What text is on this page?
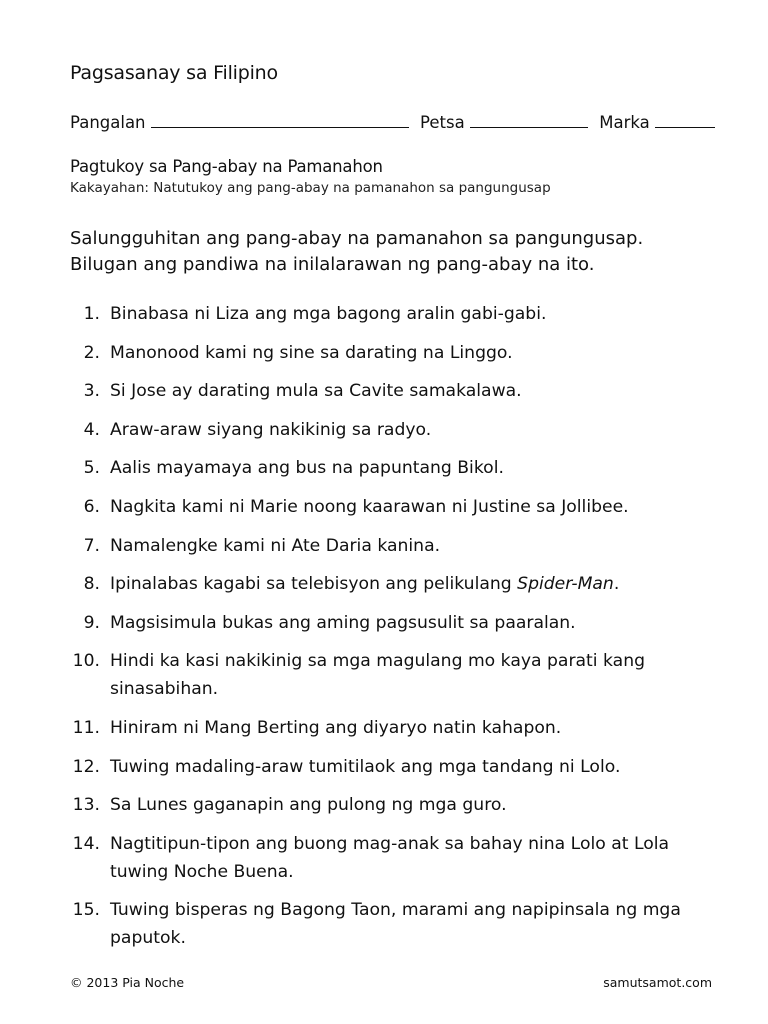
Pagsasanay sa Filipino
Pangalan	Petsa	Marka
Pagtukoy sa Pang-abay na Pamanahon
Kakayahan: Natutukoy ang pang-abay na pamanahon sa pangungusap
Salungguhitan ang pang-abay na pamanahon sa pangungusap.
Bilugan ang pandiwa na inilalarawan ng pang-abay na ito.
1. Binabasa ni Liza ang mga bagong aralin gabi-gabi.
2. Manonood kami ng sine sa darating na Linggo.
3. Si Jose ay darating mula sa Cavite samakalawa.
4. Araw-araw siyang nakikinig sa radyo.
5. Aalis mayamaya ang bus na papuntang Bikol.
6. Nagkita kami ni Marie noong kaarawan ni Justine sa Jollibee.
7. Namalengke kami ni Ate Daria kanina.
8. Ipinalabas kagabi sa telebisyon ang pelikulang Spider-Man.
9. Magsisimula bukas ang aming pagsusulit sa paaralan.
10. Hindi ka kasi nakikinig sa mga magulang mo kaya parati kang sinasabihan.
11. Hiniram ni Mang Berting ang diyaryo natin kahapon.
12. Tuwing madaling-araw tumitilaok ang mga tandang ni Lolo.
13. Sa Lunes gaganapin ang pulong ng mga guro.
14. Nagtitipun-tipon ang buong mag-anak sa bahay nina Lolo at Lola tuwing Noche Buena.
15. Tuwing bisperas ng Bagong Taon, marami ang napipinsala ng mga paputok.
© 2013 Pia Noche	samutsamot.com
